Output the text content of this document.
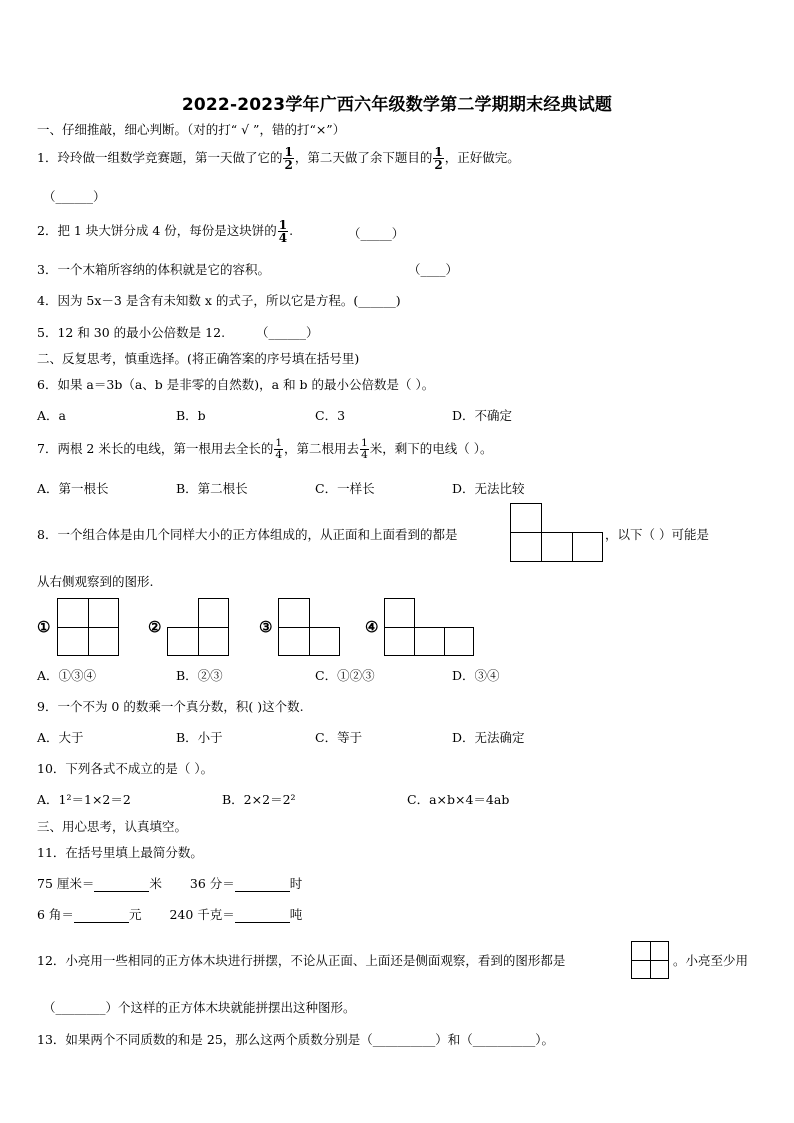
2022-2023学年广西六年级数学第二学期期末经典试题
一、仔细推敲，细心判断。（对的打“ √ ”，错的打“×”）
1．玲玲做一组数学竞赛题，第一天做了它的 $\frac{1}{2}$ ，第二天做了余下题目的 $\frac{1}{2}$ ，正好做完。
（______）
2．把 1 块大饼分成 4 份，每份是这块饼的 $\frac{1}{4}$ .	（_____）
3．一个木箱所容纳的体积就是它的容积。	（____）
4．因为 5x－3 是含有未知数 x 的式子，所以它是方程。(______)
5．12 和 30 的最小公倍数是 12. （______）
二、反复思考，慎重选择。(将正确答案的序号填在括号里)
6．如果 a＝3b（a、b 是非零的自然数)，a 和 b 的最小公倍数是（ ）。
A．a	B．b	C．3	D．不确定
7．两根 2 米长的电线，第一根用去全长的 $\frac{1}{4}$ ，第二根用去 $\frac{1}{4}$ 米，剩下的电线（ ）。
A．第一根长	B．第二根长	C．一样长	D．无法比较
8．一个组合体是由几个同样大小的正方体组成的，从正面和上面看到的都是	，以下（ ）可能是
从右侧观察到的图形.
①	②	③	④
A．①③④	B．②③	C．①②③	D．③④
9．一个不为 0 的数乘一个真分数，积( )这个数.
A．大于	B．小于	C．等于	D．无法确定
10．下列各式不成立的是（ ）。
A．1²＝1×2＝2	B．2×2＝2²	C．a×b×4＝4ab
三、用心思考，认真填空。
11．在括号里填上最简分数。
75 厘米＝	米 36 分＝	时
6 角＝	元 240 千克＝	吨
12．小亮用一些相同的正方体木块进行拼摆，不论从正面、上面还是侧面观察，看到的图形都是	。小亮至少用
（________）个这样的正方体木块就能拼摆出这种图形。
13．如果两个不同质数的和是 25，那么这两个质数分别是（__________）和（__________）。
